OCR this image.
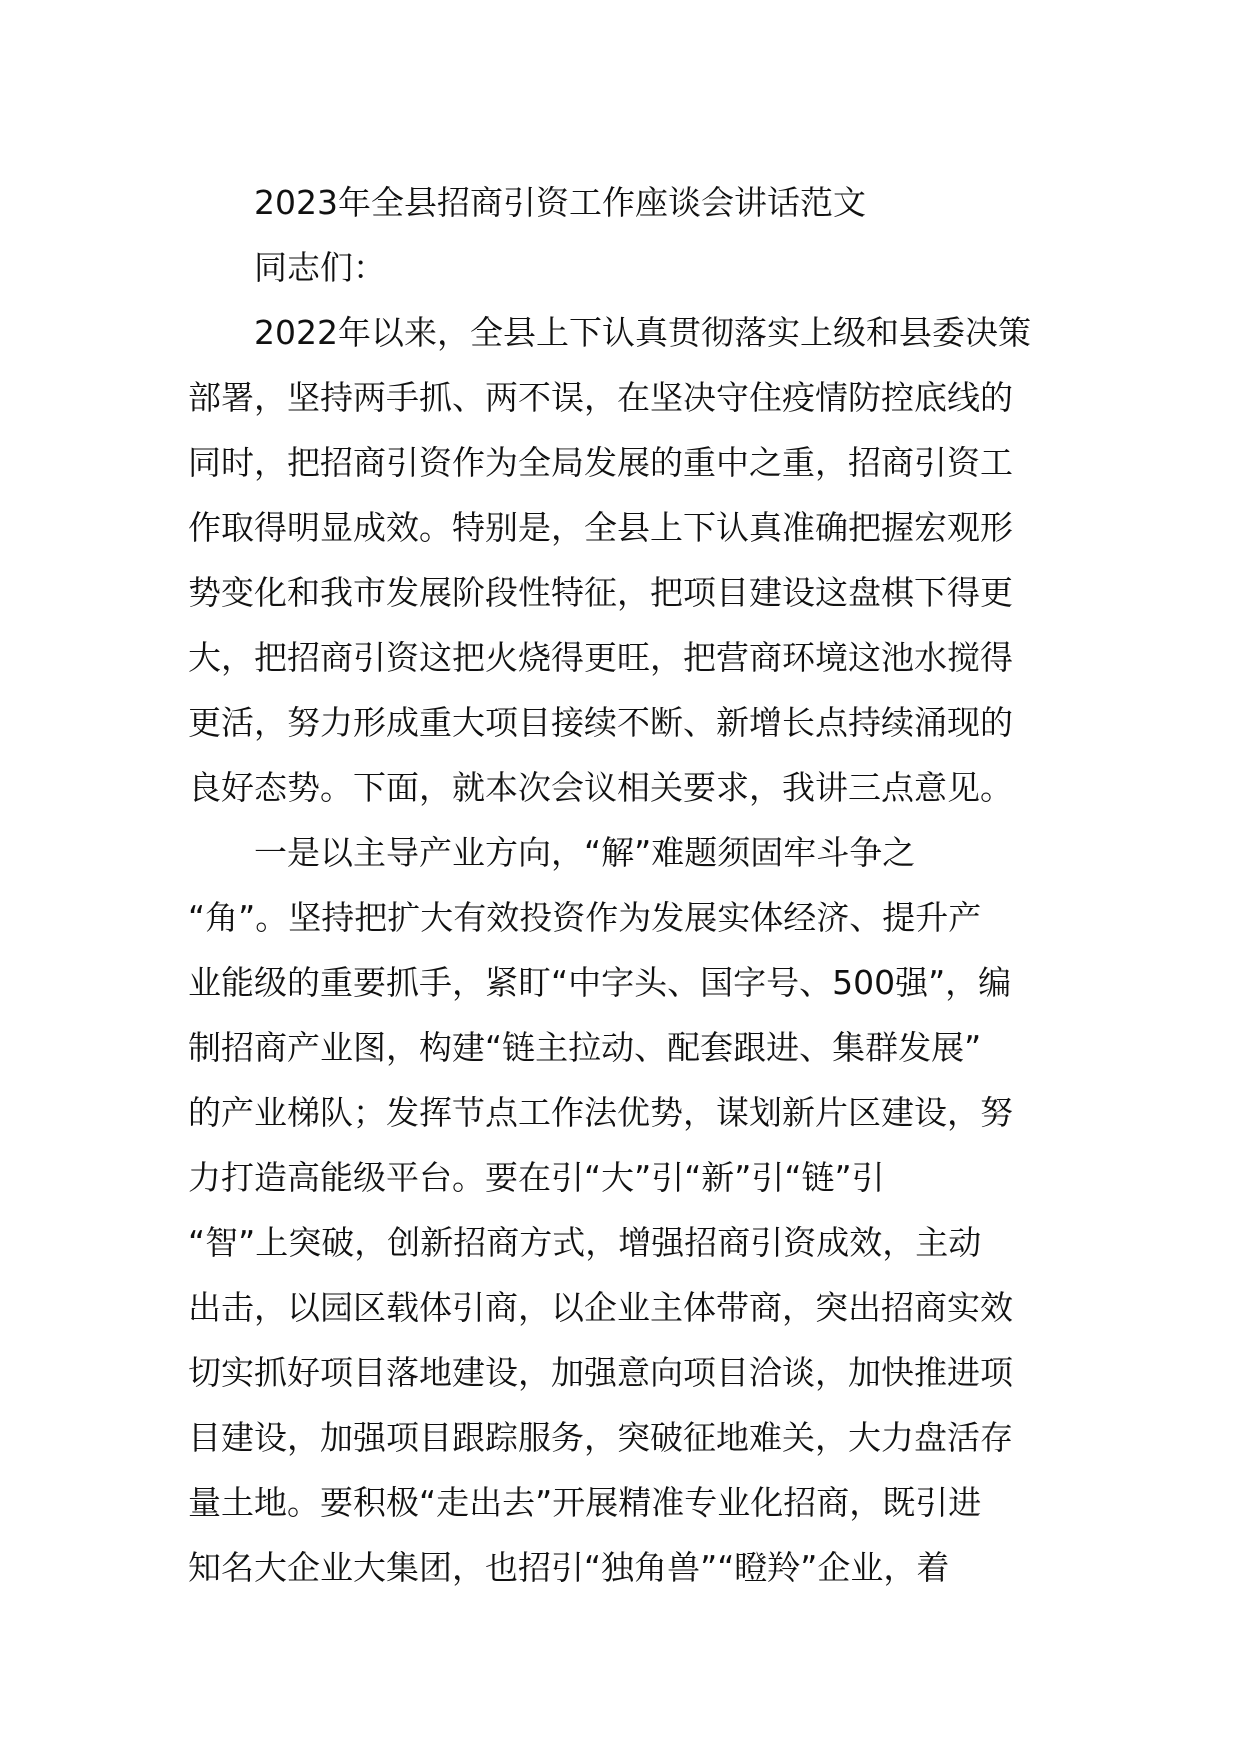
2023年全县招商引资工作座谈会讲话范文
同志们：
2022年以来，全县上下认真贯彻落实上级和县委决策
部署，坚持两手抓、两不误，在坚决守住疫情防控底线的
同时，把招商引资作为全局发展的重中之重，招商引资工
作取得明显成效。特别是，全县上下认真准确把握宏观形
势变化和我市发展阶段性特征，把项目建设这盘棋下得更
大，把招商引资这把火烧得更旺，把营商环境这池水搅得
更活，努力形成重大项目接续不断、新增长点持续涌现的
良好态势。下面，就本次会议相关要求，我讲三点意见。
一是以主导产业方向，“解”难题须固牢斗争之
“角”。坚持把扩大有效投资作为发展实体经济、提升产
业能级的重要抓手，紧盯“中字头、国字号、500强”，编
制招商产业图，构建“链主拉动、配套跟进、集群发展”
的产业梯队；发挥节点工作法优势，谋划新片区建设，努
力打造高能级平台。要在引“大”引“新”引“链”引
“智”上突破，创新招商方式，增强招商引资成效，主动
出击，以园区载体引商，以企业主体带商，突出招商实效
切实抓好项目落地建设，加强意向项目洽谈，加快推进项
目建设，加强项目跟踪服务，突破征地难关，大力盘活存
量土地。要积极“走出去”开展精准专业化招商，既引进
知名大企业大集团，也招引“独角兽”“瞪羚”企业，着
